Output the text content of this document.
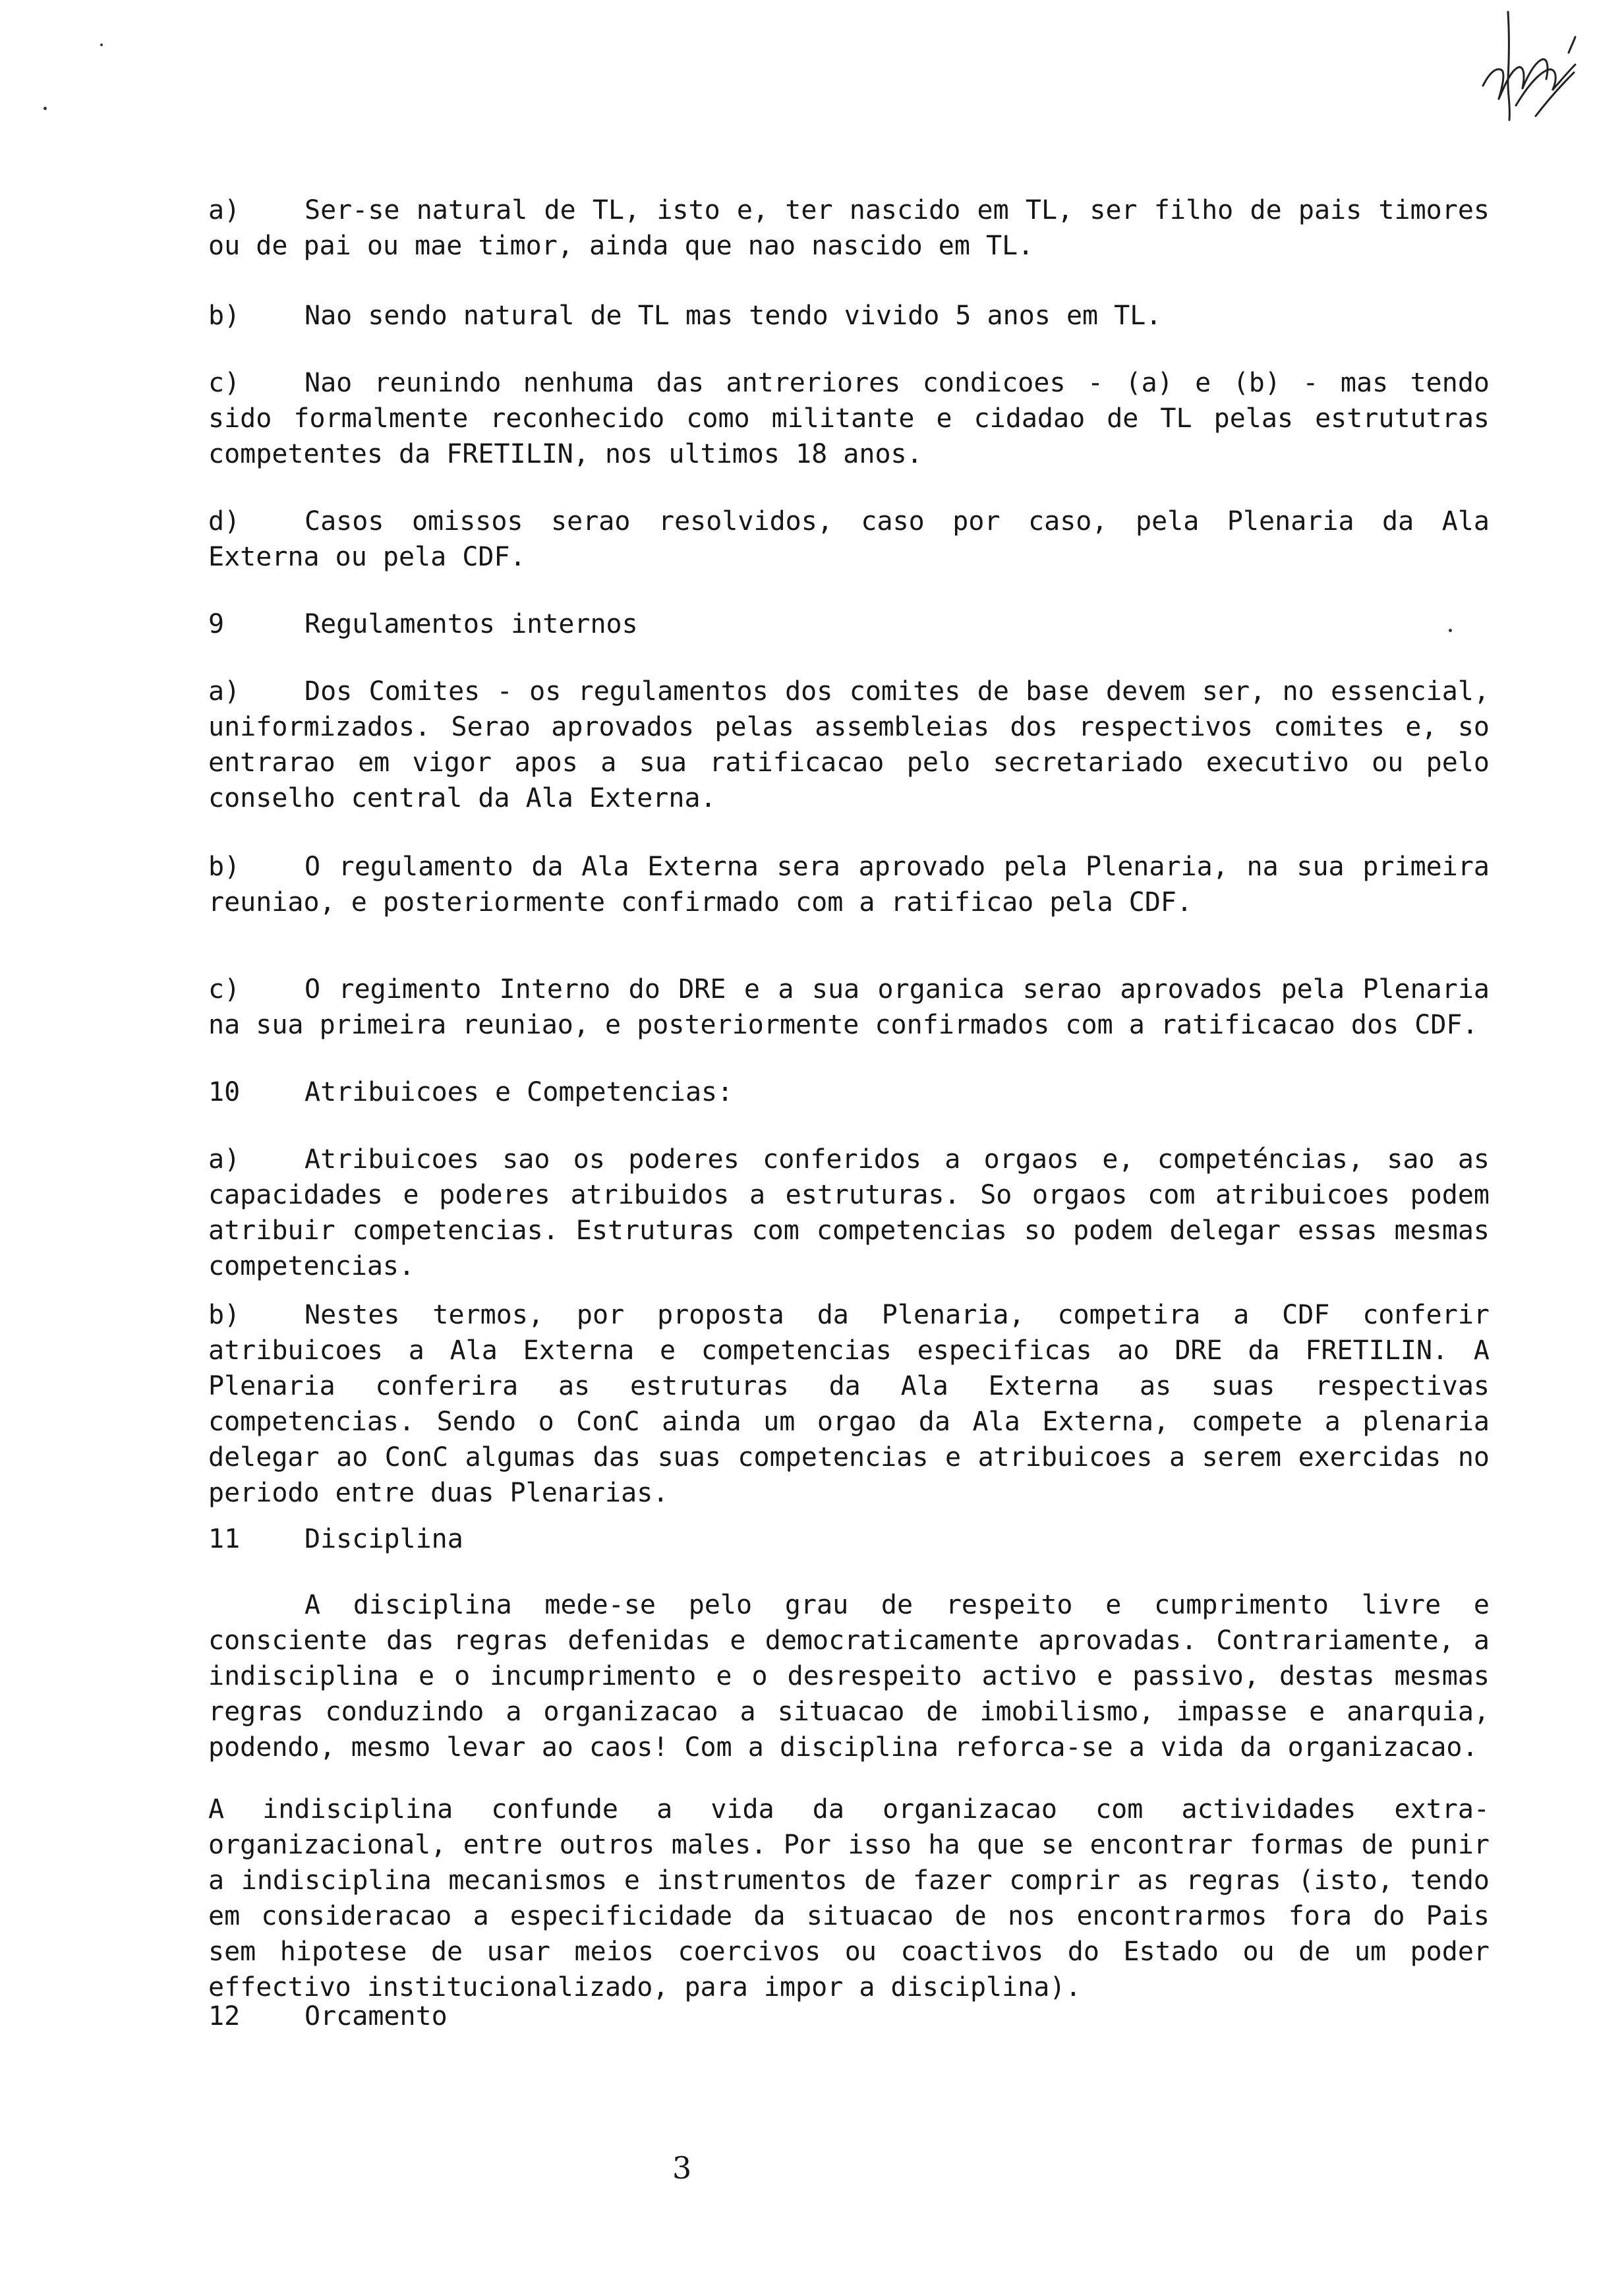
a) Ser-se natural de TL, isto e, ter nascido em TL, ser filho de pais timores ou de pai ou mae timor, ainda que nao nascido em TL.

b) Nao sendo natural de TL mas tendo vivido 5 anos em TL.

c) Nao reunindo nenhuma das antreriores condicoes - (a) e (b) - mas tendo sido formalmente reconhecido como militante e cidadao de TL pelas estrututras competentes da FRETILIN, nos ultimos 18 anos.

d) Casos omissos serao resolvidos, caso por caso, pela Plenaria da Ala Externa ou pela CDF.

9	Regulamentos internos

a) Dos Comites - os regulamentos dos comites de base devem ser, no essencial, uniformizados. Serao aprovados pelas assembleias dos respectivos comites e, so entrarao em vigor apos a sua ratificacao pelo secretariado executivo ou pelo conselho central da Ala Externa.

b) O regulamento da Ala Externa sera aprovado pela Plenaria, na sua primeira reuniao, e posteriormente confirmado com a ratificao pela CDF.

c) O regimento Interno do DRE e a sua organica serao aprovados pela Plenaria na sua primeira reuniao, e posteriormente confirmados com a ratificacao dos CDF.

10 Atribuicoes e Competencias:

a) Atribuicoes sao os poderes conferidos a orgaos e, competéncias, sao as capacidades e poderes atribuidos a estruturas. So orgaos com atribuicoes podem atribuir competencias. Estruturas com competencias so podem delegar essas mesmas competencias.

b) Nestes termos, por proposta da Plenaria, competira a CDF conferir atribuicoes a Ala Externa e competencias especificas ao DRE da FRETILIN. A Plenaria conferira as estruturas da Ala Externa as suas respectivas competencias. Sendo o ConC ainda um orgao da Ala Externa, compete a plenaria delegar ao ConC algumas das suas competencias e atribuicoes a serem exercidas no periodo entre duas Plenarias.

11 Disciplina

A disciplina mede-se pelo grau de respeito e cumprimento livre e consciente das regras defenidas e democraticamente aprovadas. Contrariamente, a indisciplina e o incumprimento e o desrespeito activo e passivo, destas mesmas regras conduzindo a organizacao a situacao de imobilismo, impasse e anarquia, podendo, mesmo levar ao caos! Com a disciplina reforca-se a vida da organizacao.

A indisciplina confunde a vida da organizacao com actividades extra-organizacional, entre outros males. Por isso ha que se encontrar formas de punir a indisciplina mecanismos e instrumentos de fazer comprir as regras (isto, tendo em consideracao a especificidade da situacao de nos encontrarmos fora do Pais sem hipotese de usar meios coercivos ou coactivos do Estado ou de um poder effectivo institucionalizado, para impor a disciplina).

12 Orcamento

3
